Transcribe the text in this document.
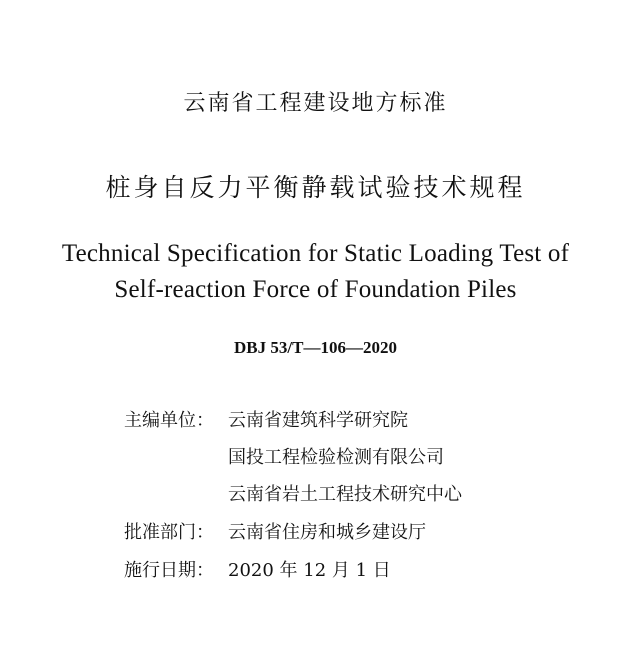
云南省工程建设地方标准
桩身自反力平衡静载试验技术规程
Technical Specification for Static Loading Test of
Self-reaction Force of Foundation Piles
DBJ 53/T—106—2020
主编单位： 云南省建筑科学研究院
国投工程检验检测有限公司
云南省岩土工程技术研究中心
批准部门： 云南省住房和城乡建设厅
施行日期： 2020 年 12 月 1 日
